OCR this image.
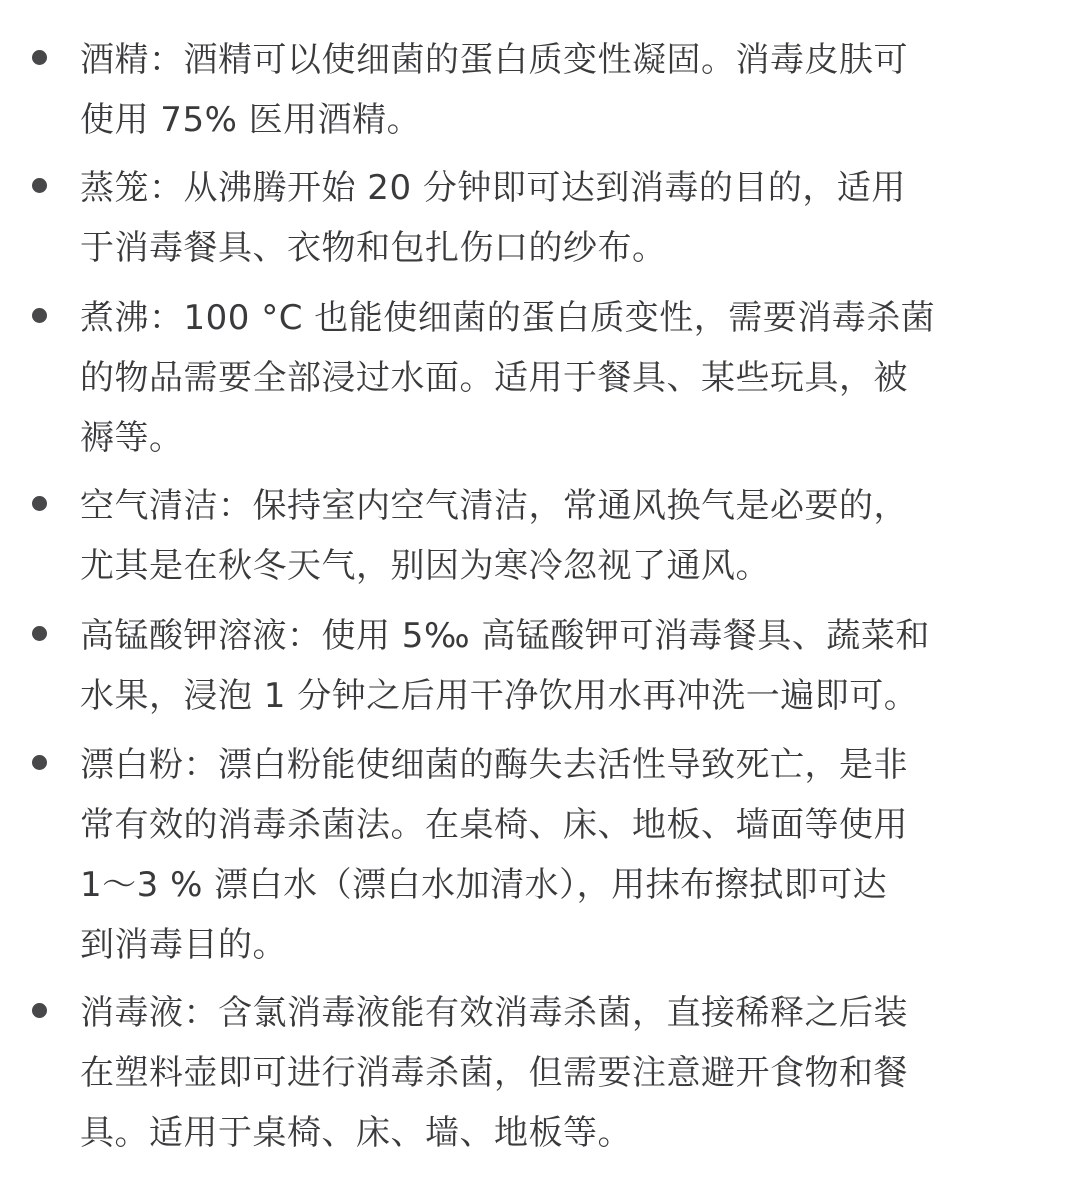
酒精：酒精可以使细菌的蛋白质变性凝固。消毒皮肤可
使用 75% 医用酒精。
蒸笼：从沸腾开始 20 分钟即可达到消毒的目的，适用
于消毒餐具、衣物和包扎伤口的纱布。
煮沸：100 °C 也能使细菌的蛋白质变性，需要消毒杀菌
的物品需要全部浸过水面。适用于餐具、某些玩具，被
褥等。
空气清洁：保持室内空气清洁，常通风换气是必要的，
尤其是在秋冬天气，别因为寒冷忽视了通风。
高锰酸钾溶液：使用 5‰ 高锰酸钾可消毒餐具、蔬菜和
水果，浸泡 1 分钟之后用干净饮用水再冲洗一遍即可。
漂白粉：漂白粉能使细菌的酶失去活性导致死亡，是非
常有效的消毒杀菌法。在桌椅、床、地板、墙面等使用
1～3 % 漂白水（漂白水加清水），用抹布擦拭即可达
到消毒目的。
消毒液：含氯消毒液能有效消毒杀菌，直接稀释之后装
在塑料壶即可进行消毒杀菌，但需要注意避开食物和餐
具。适用于桌椅、床、墙、地板等。
